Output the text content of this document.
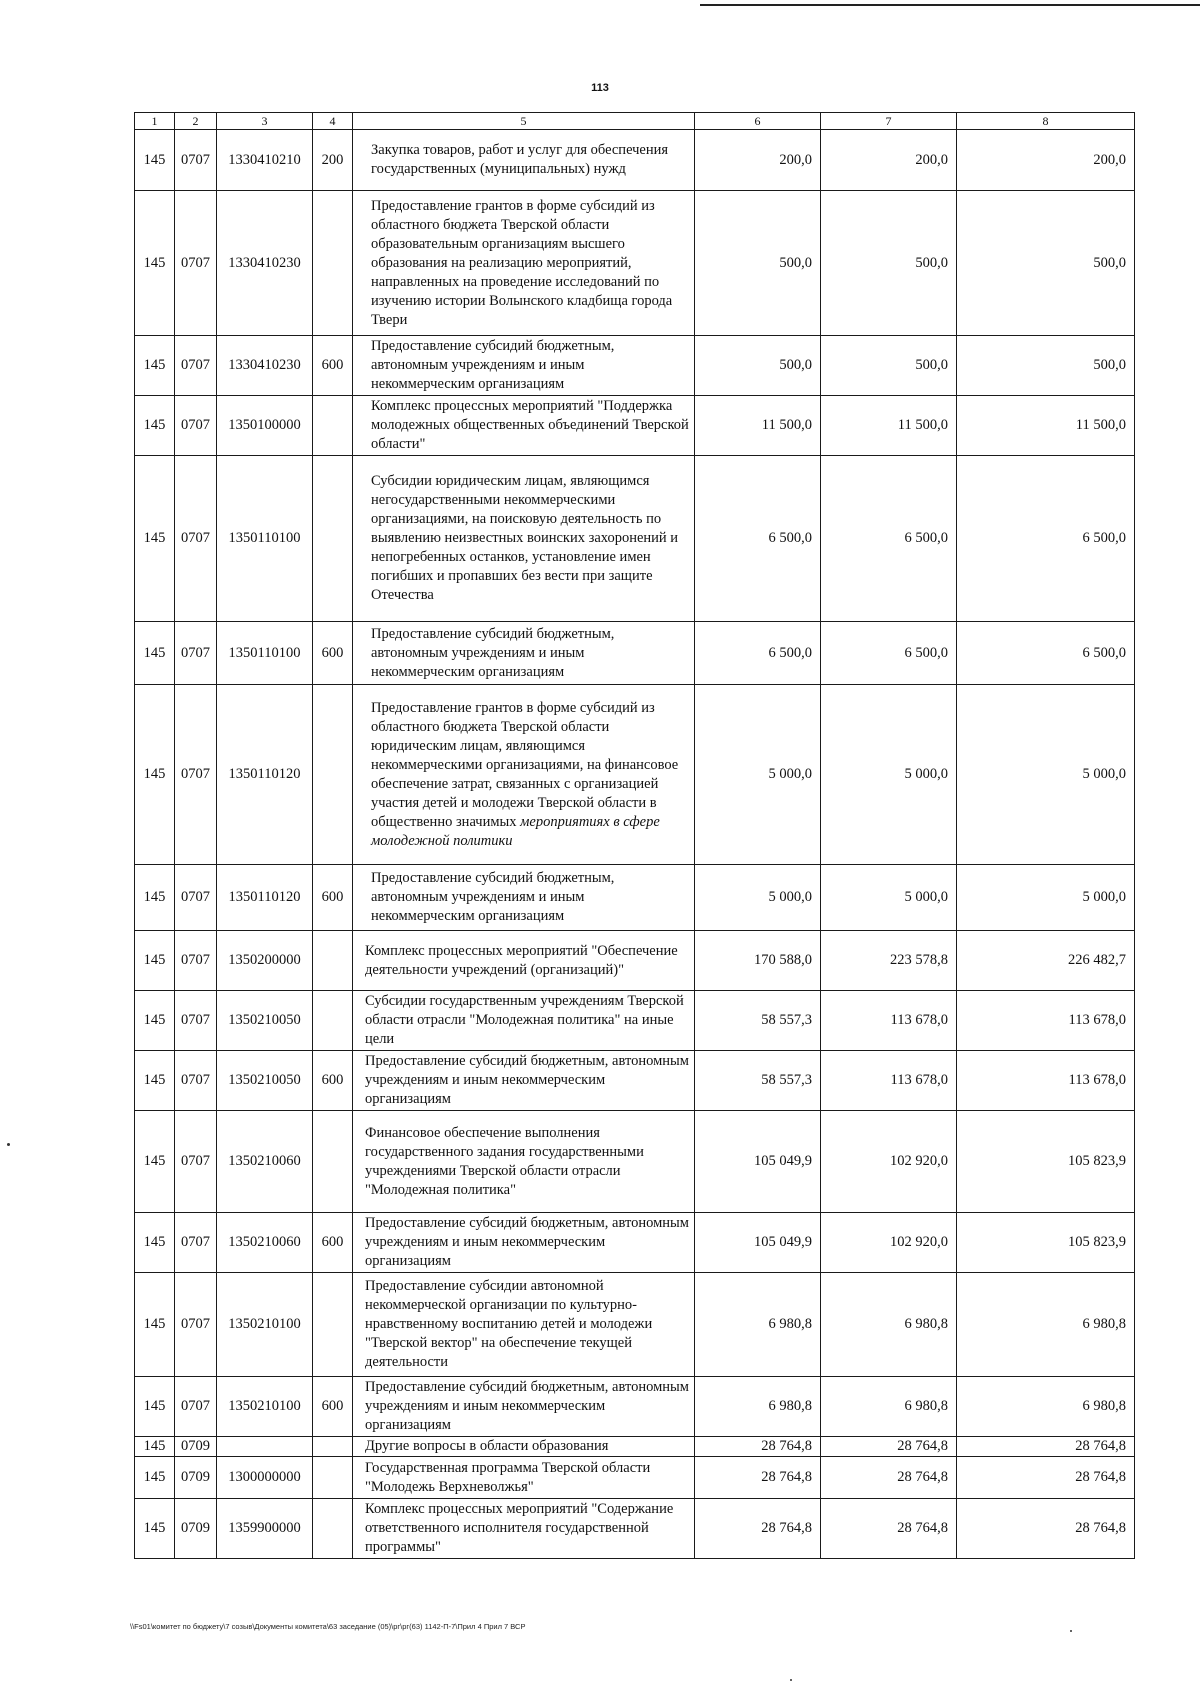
113
1	2	3	4	5	6	7	8
145	0707	1330410210	200	Закупка товаров, работ и услуг для обеспечения государственных (муниципальных) нужд	200,0	200,0	200,0
145	0707	1330410230		Предоставление грантов в форме субсидий из областного бюджета Тверской области образовательным организациям высшего образования на реализацию мероприятий, направленных на проведение исследований по изучению истории Волынского кладбища города Твери	500,0	500,0	500,0
145	0707	1330410230	600	Предоставление субсидий бюджетным, автономным учреждениям и иным некоммерческим организациям	500,0	500,0	500,0
145	0707	1350100000		Комплекс процессных мероприятий "Поддержка молодежных общественных объединений Тверской области"	11 500,0	11 500,0	11 500,0
145	0707	1350110100		Субсидии юридическим лицам, являющимся негосударственными некоммерческими организациями, на поисковую деятельность по выявлению неизвестных воинских захоронений и непогребенных останков, установление имен погибших и пропавших без вести при защите Отечества	6 500,0	6 500,0	6 500,0
145	0707	1350110100	600	Предоставление субсидий бюджетным, автономным учреждениям и иным некоммерческим организациям	6 500,0	6 500,0	6 500,0
145	0707	1350110120		Предоставление грантов в форме субсидий из областного бюджета Тверской области юридическим лицам, являющимся некоммерческими организациями, на финансовое обеспечение затрат, связанных с организацией участия детей и молодежи Тверской области в общественно значимых мероприятиях в сфере молодежной политики	5 000,0	5 000,0	5 000,0
145	0707	1350110120	600	Предоставление субсидий бюджетным, автономным учреждениям и иным некоммерческим организациям	5 000,0	5 000,0	5 000,0
145	0707	1350200000		Комплекс процессных мероприятий "Обеспечение деятельности учреждений (организаций)"	170 588,0	223 578,8	226 482,7
145	0707	1350210050		Субсидии государственным учреждениям Тверской области отрасли "Молодежная политика" на иные цели	58 557,3	113 678,0	113 678,0
145	0707	1350210050	600	Предоставление субсидий бюджетным, автономным учреждениям и иным некоммерческим организациям	58 557,3	113 678,0	113 678,0
145	0707	1350210060		Финансовое обеспечение выполнения государственного задания государственными учреждениями Тверской области отрасли "Молодежная политика"	105 049,9	102 920,0	105 823,9
145	0707	1350210060	600	Предоставление субсидий бюджетным, автономным учреждениям и иным некоммерческим организациям	105 049,9	102 920,0	105 823,9
145	0707	1350210100		Предоставление субсидии автономной некоммерческой организации по культурно-нравственному воспитанию детей и молодежи "Тверской вектор" на обеспечение текущей деятельности	6 980,8	6 980,8	6 980,8
145	0707	1350210100	600	Предоставление субсидий бюджетным, автономным учреждениям и иным некоммерческим организациям	6 980,8	6 980,8	6 980,8
145	0709			Другие вопросы в области образования	28 764,8	28 764,8	28 764,8
145	0709	1300000000		Государственная программа Тверской области "Молодежь Верхневолжья"	28 764,8	28 764,8	28 764,8
145	0709	1359900000		Комплекс процессных мероприятий "Содержание ответственного исполнителя государственной программы"	28 764,8	28 764,8	28 764,8
\\Fs01\комитет по бюджету\7 созыв\Документы комитета\63 заседание (05)\рг\рг(63) 1142-П-7\Прил 4 Прил 7 ВСР
